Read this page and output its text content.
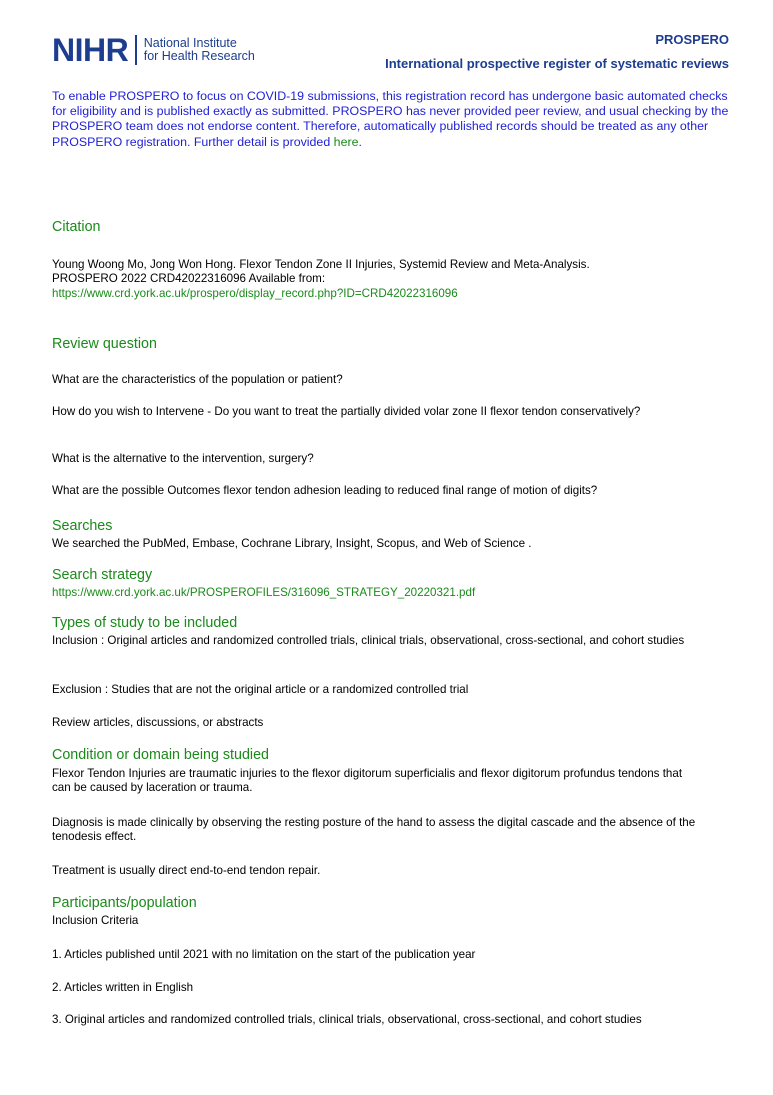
NIHR National Institute
for Health Research
PROSPERO
International prospective register of systematic reviews
To enable PROSPERO to focus on COVID-19 submissions, this registration record has undergone basic automated checks for eligibility and is published exactly as submitted. PROSPERO has never provided peer review, and usual checking by the PROSPERO team does not endorse content. Therefore, automatically published records should be treated as any other PROSPERO registration. Further detail is provided here.
Citation
Young Woong Mo, Jong Won Hong. Flexor Tendon Zone II Injuries, Systemid Review and Meta-Analysis.
PROSPERO 2022 CRD42022316096 Available from:
https://www.crd.york.ac.uk/prospero/display_record.php?ID=CRD42022316096
Review question
What are the characteristics of the population or patient?
How do you wish to Intervene - Do you want to treat the partially divided volar zone II flexor tendon conservatively?
What is the alternative to the intervention, surgery?
What are the possible Outcomes flexor tendon adhesion leading to reduced final range of motion of digits?
Searches
We searched the PubMed, Embase, Cochrane Library, Insight, Scopus, and Web of Science .
Search strategy
https://www.crd.york.ac.uk/PROSPEROFILES/316096_STRATEGY_20220321.pdf
Types of study to be included
Inclusion : Original articles and randomized controlled trials, clinical trials, observational, cross-sectional, and cohort studies
Exclusion : Studies that are not the original article or a randomized controlled trial
Review articles, discussions, or abstracts
Condition or domain being studied
Flexor Tendon Injuries are traumatic injuries to the flexor digitorum superficialis and flexor digitorum profundus tendons that can be caused by laceration or trauma.
Diagnosis is made clinically by observing the resting posture of the hand to assess the digital cascade and the absence of the tenodesis effect.
Treatment is usually direct end-to-end tendon repair.
Participants/population
Inclusion Criteria
1. Articles published until 2021 with no limitation on the start of the publication year
2. Articles written in English
3. Original articles and randomized controlled trials, clinical trials, observational, cross-sectional, and cohort studies
